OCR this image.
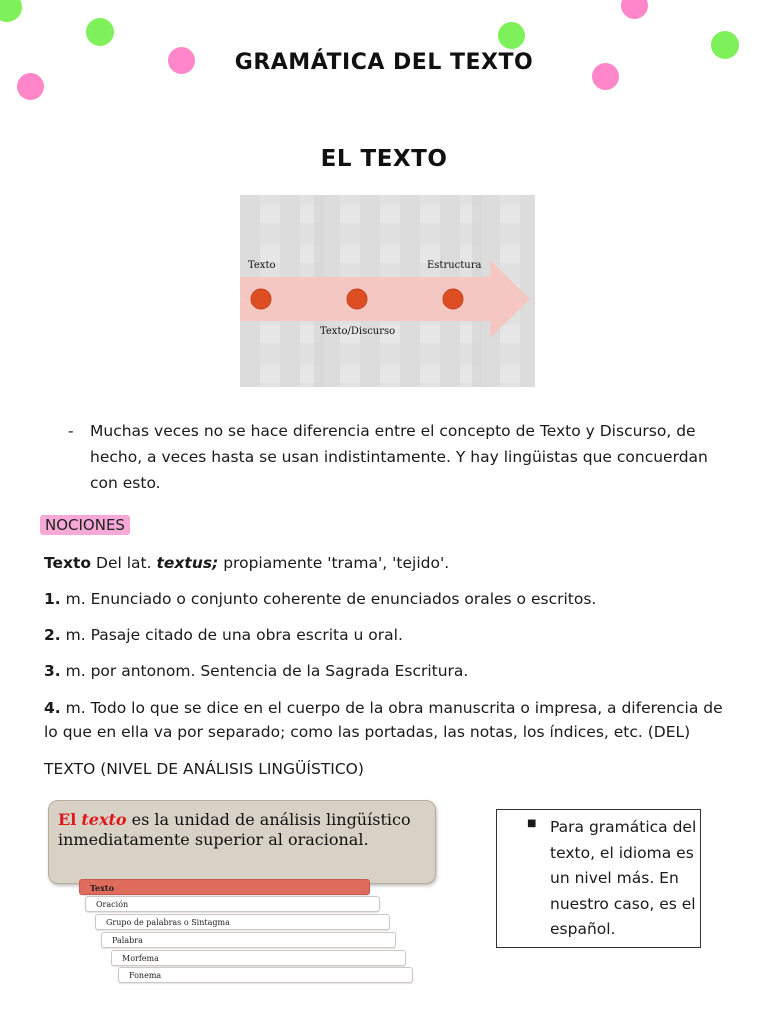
GRAMÁTICA DEL TEXTO
EL TEXTO
Texto	Estructura
Texto/Discurso
- Muchas veces no se hace diferencia entre el concepto de Texto y Discurso, de hecho, a veces hasta se usan indistintamente. Y hay lingüistas que concuerdan con esto.
NOCIONES
Texto Del lat. textus; propiamente 'trama', 'tejido'.
1. m. Enunciado o conjunto coherente de enunciados orales o escritos.
2. m. Pasaje citado de una obra escrita u oral.
3. m. por antonom. Sentencia de la Sagrada Escritura.
4. m. Todo lo que se dice en el cuerpo de la obra manuscrita o impresa, a diferencia de lo que en ella va por separado; como las portadas, las notas, los índices, etc. (DEL)
TEXTO (NIVEL DE ANÁLISIS LINGÜÍSTICO)
El texto es la unidad de análisis lingüístico inmediatamente superior al oracional.
Texto
Oración
Grupo de palabras o Sintagma
Palabra
Morfema
Fonema
■ Para gramática del texto, el idioma es un nivel más. En nuestro caso, es el español.
